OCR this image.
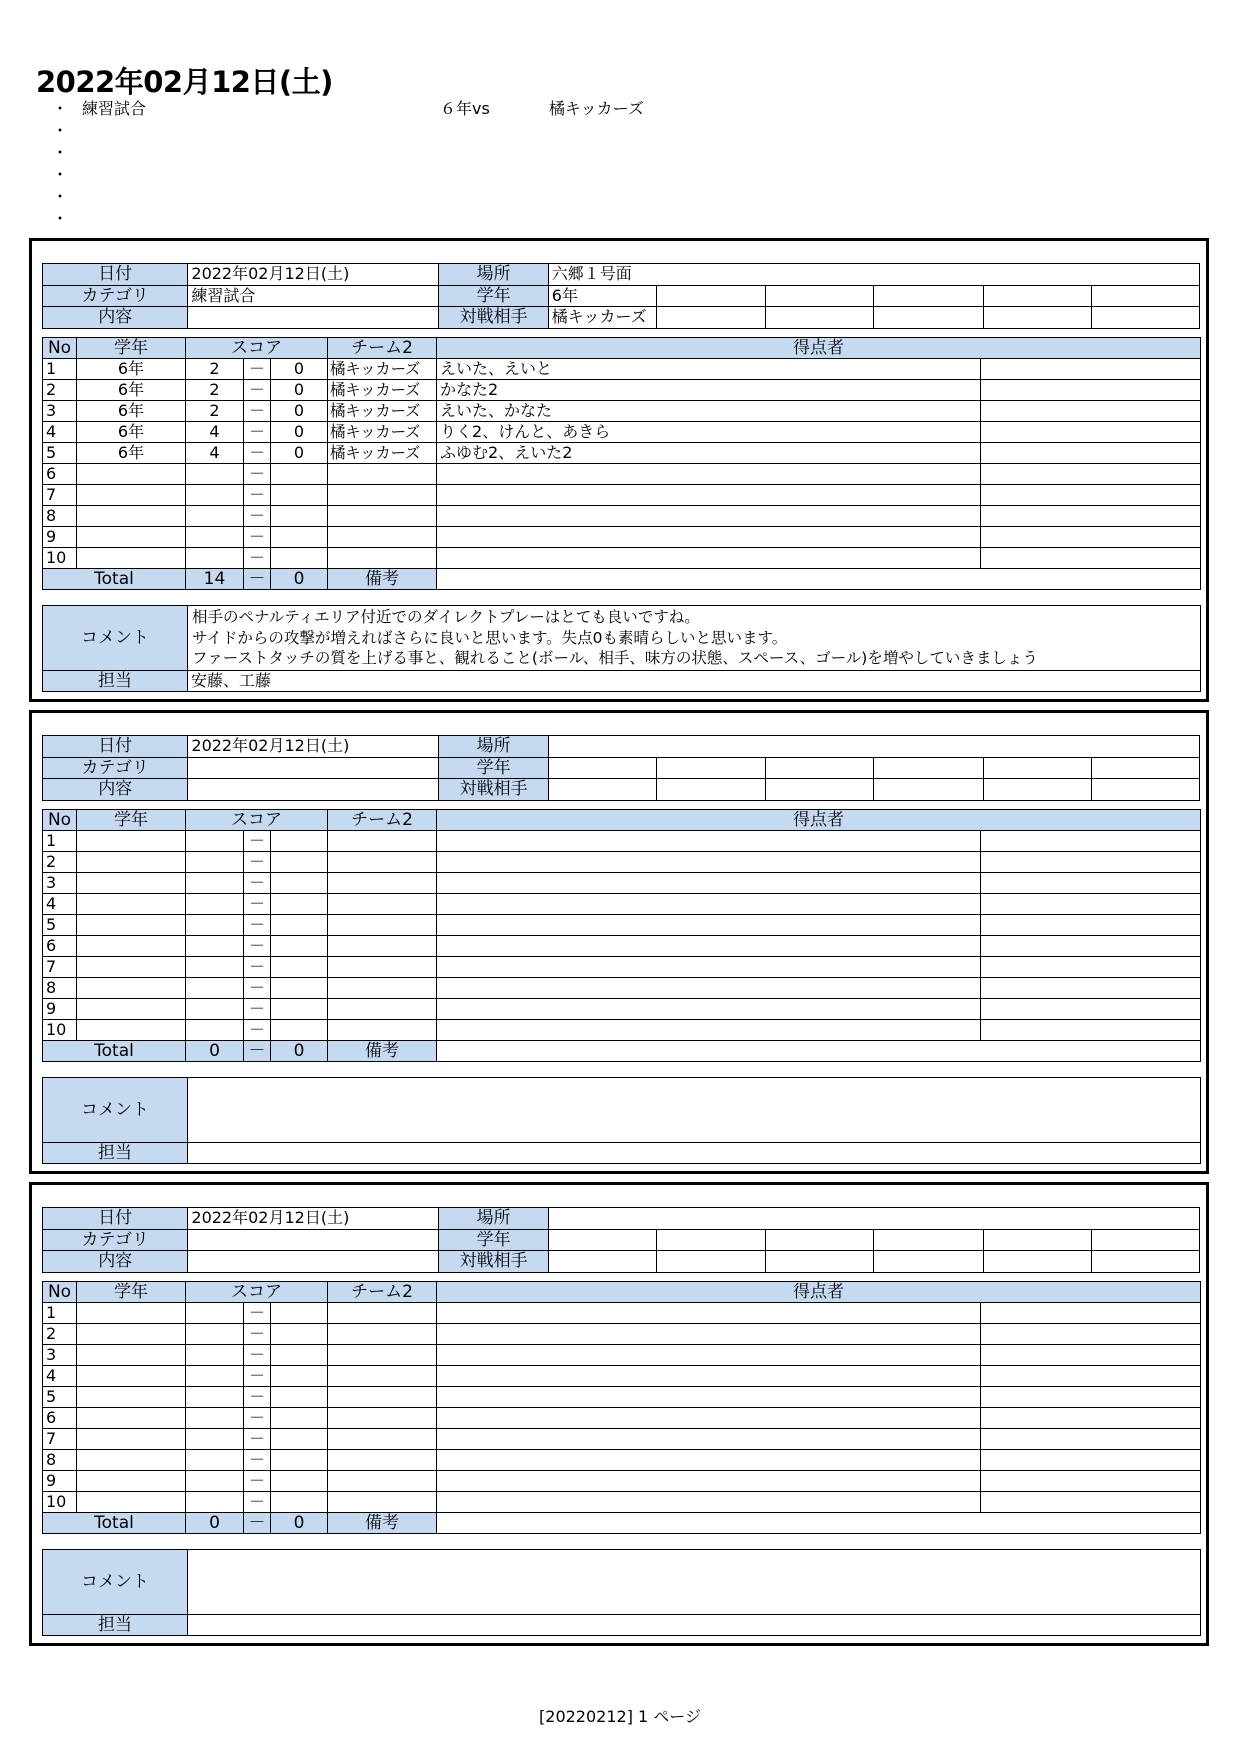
2022年02月12日(土)
・ 練習試合	６年vs	橘キッカーズ
・
・
・
・
・
日付	2022年02月12日(土)	場所	六郷１号面					
カテゴリ	練習試合	学年	6年					
内容		対戦相手	橘キッカーズ					
No	学年	スコア			チーム2	得点者	
1	6年	2	－	0	橘キッカーズ	えいた、えいと	
2	6年	2	－	0	橘キッカーズ	かなた2	
3	6年	2	－	0	橘キッカーズ	えいた、かなた	
4	6年	4	－	0	橘キッカーズ	りく2、けんと、あきら	
5	6年	4	－	0	橘キッカーズ	ふゆむ2、えいた2	
6			－				
7			－				
8			－				
9			－				
10			－				
Total		14	－	0	備考		
コメント	相手のペナルティエリア付近でのダイレクトプレーはとても良いですね。
サイドからの攻撃が増えればさらに良いと思います。失点0も素晴らしいと思います。
ファーストタッチの質を上げる事と、観れること(ボール、相手、味方の状態、スペース、ゴール)を増やしていきましょう

担当	安藤、工藤
日付	2022年02月12日(土)	場所						
カテゴリ		学年						
内容		対戦相手						
No	学年	スコア			チーム2	得点者	
1			－				
2			－				
3			－				
4			－				
5			－				
6			－				
7			－				
8			－				
9			－				
10			－				
Total		0	－	0	備考		
コメント	
担当	
日付	2022年02月12日(土)	場所						
カテゴリ		学年						
内容		対戦相手						
No	学年	スコア			チーム2	得点者	
1			－				
2			－				
3			－				
4			－				
5			－				
6			－				
7			－				
8			－				
9			－				
10			－				
Total		0	－	0	備考		
コメント	
担当	
[20220212] 1 ページ
